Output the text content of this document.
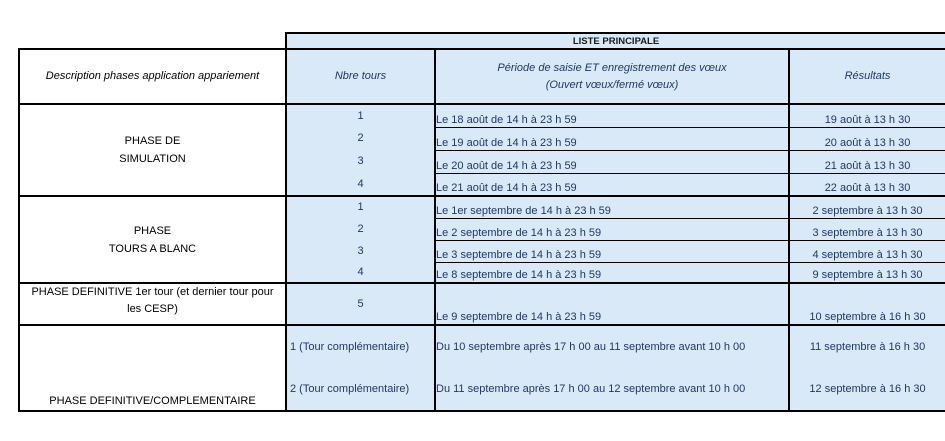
	LISTE PRINCIPALE		
Description phases application appariement	Nbre tours	Période de saisie ET enregistrement des vœux
(Ouvert vœux/fermé vœux)	Résultats

PHASE DE
SIMULATION	1	Le 18 août de 14 h à 23 h 59	19 août à 13 h 30
	2	Le 19 août de 14 h à 23 h 59	20 août à 13 h 30
	3	Le 20 août de 14 h à 23 h 59	21 août à 13 h 30
	4	Le 21 août de 14 h à 23 h 59	22 août à 13 h 30

PHASE
TOURS A BLANC	1	Le 1er septembre de 14 h à 23 h 59	2 septembre à 13 h 30
	2	Le 2 septembre de 14 h à 23 h 59	3 septembre à 13 h 30
	3	Le 3 septembre de 14 h à 23 h 59	4 septembre à 13 h 30
	4	Le 8 septembre de 14 h à 23 h 59	9 septembre à 13 h 30

PHASE DEFINITIVE 1er tour (et dernier tour pour
les CESP)	5	Le 9 septembre de 14 h à 23 h 59	10 septembre à 16 h 30

PHASE DEFINITIVE/COMPLEMENTAIRE	1 (Tour complémentaire)	Du 10 septembre après 17 h 00 au 11 septembre avant 10 h 00	11 septembre à 16 h 30
	2 (Tour complémentaire)	Du 11 septembre après 17 h 00 au 12 septembre avant 10 h 00	12 septembre à 16 h 30
